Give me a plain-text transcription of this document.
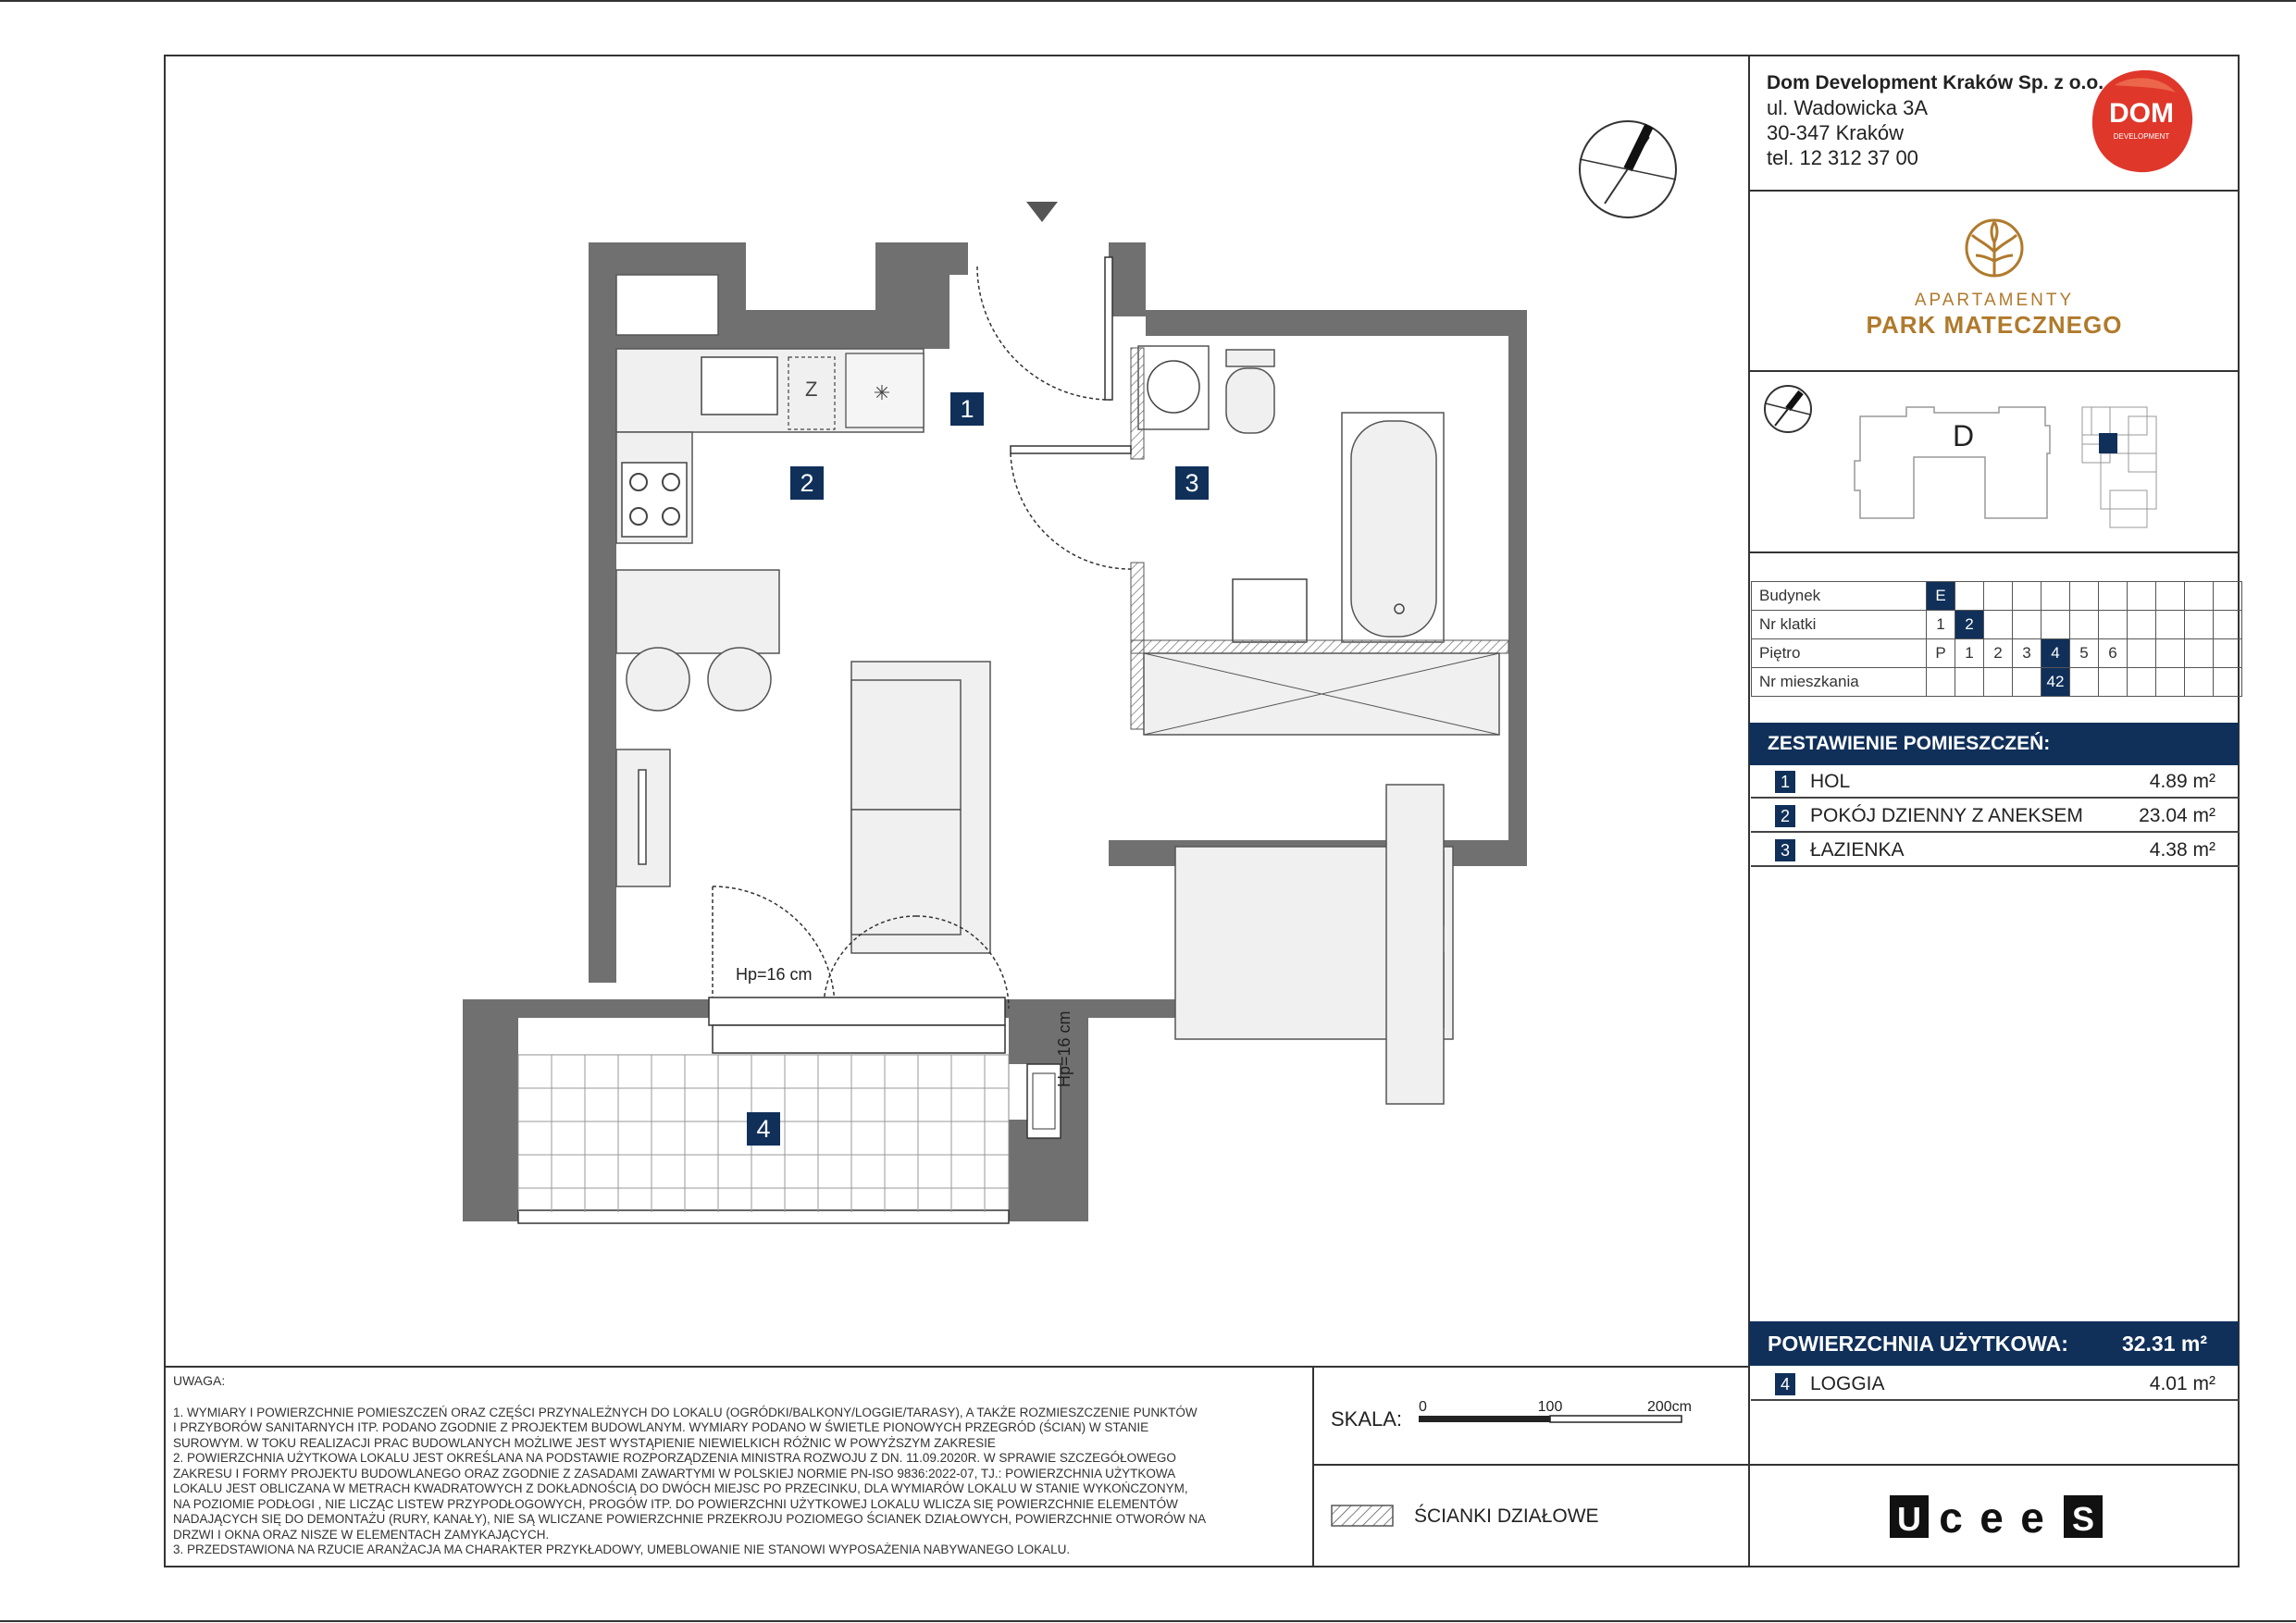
Dom Development Kraków Sp. z o.o.
ul. Wadowicka 3A
30-347 Kraków
tel. 12 312 37 00
DOM
DEVELOPMENT
APARTAMENTY
PARK MATECZNEGO
D
Budynek	E										
Nr klatki	1	2									
Piętro	P	1	2	3	4	5	6				
Nr mieszkania					42						
ZESTAWIENIE POMIESZCZEŃ:
1 HOL	4.89 m²
2 POKÓJ DZIENNY Z ANEKSEM	23.04 m²
3 ŁAZIENKA	4.38 m²
POWIERZCHNIA UŻYTKOWA:	32.31 m²
4 LOGGIA	4.01 m²
U c e e S
UWAGA:
1. WYMIARY I POWIERZCHNIE POMIESZCZEŃ ORAZ CZĘŚCI PRZYNALEŻNYCH DO LOKALU (OGRÓDKI/BALKONY/LOGGIE/TARASY), A TAKŻE ROZMIESZCZENIE PUNKTÓW
I PRZYBORÓW SANITARNYCH ITP. PODANO ZGODNIE Z PROJEKTEM BUDOWLANYM. WYMIARY PODANO W ŚWIETLE PIONOWYCH PRZEGRÓD (ŚCIAN) W STANIE
SUROWYM. W TOKU REALIZACJI PRAC BUDOWLANYCH MOŻLIWE JEST WYSTĄPIENIE NIEWIELKICH RÓŻNIC W POWYŻSZYM ZAKRESIE
2. POWIERZCHNIA UŻYTKOWA LOKALU JEST OKREŚLANA NA PODSTAWIE ROZPORZĄDZENIA MINISTRA ROZWOJU Z DN. 11.09.2020R. W SPRAWIE SZCZEGÓŁOWEGO
ZAKRESU I FORMY PROJEKTU BUDOWLANEGO ORAZ ZGODNIE Z ZASADAMI ZAWARTYMI W POLSKIEJ NORMIE PN-ISO 9836:2022-07, TJ.: POWIERZCHNIA UŻYTKOWA
LOKALU JEST OBLICZANA W METRACH KWADRATOWYCH Z DOKŁADNOŚCIĄ DO DWÓCH MIEJSC PO PRZECINKU, DLA WYMIARÓW LOKALU W STANIE WYKOŃCZONYM,
NA POZIOMIE PODŁOGI , NIE LICZĄC LISTEW PRZYPODŁOGOWYCH, PROGÓW ITP. DO POWIERZCHNI UŻYTKOWEJ LOKALU WLICZA SIĘ POWIERZCHNIE ELEMENTÓW
NADAJĄCYCH SIĘ DO DEMONTAŻU (RURY, KANAŁY), NIE SĄ WLICZANE POWIERZCHNIE PRZEKROJU POZIOMEGO ŚCIANEK DZIAŁOWYCH, POWIERZCHNIE OTWORÓW NA
DRZWI I OKNA ORAZ NISZE W ELEMENTACH ZAMYKAJĄCYCH.
3. PRZEDSTAWIONA NA RZUCIE ARANŻACJA MA CHARAKTER PRZYKŁADOWY, UMEBLOWANIE NIE STANOWI WYPOSAŻENIA NABYWANEGO LOKALU.
SKALA:
0	100	200cm
ŚCIANKI DZIAŁOWE
Z	✳
1
2	3
4
Hp=16 cm
Hp=16 cm
